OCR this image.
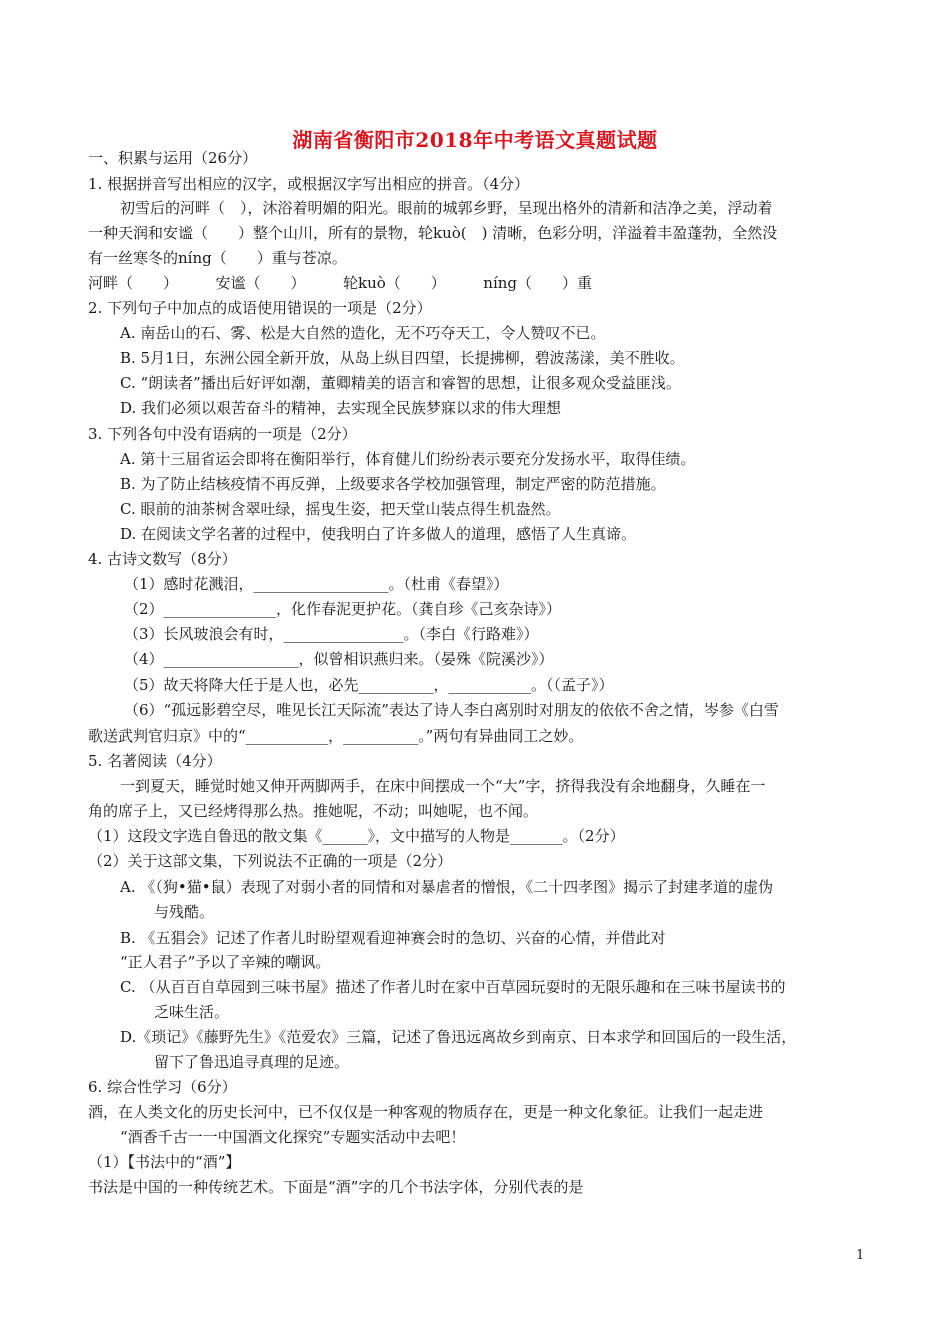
湖南省衡阳市2018年中考语文真题试题
一、积累与运用（26分）
1. 根据拼音写出相应的汉字，或根据汉字写出相应的拼音。（4分）
初雪后的河畔（　），沐浴着明媚的阳光。眼前的城郭乡野，呈现出格外的清新和洁净之美，浮动着
一种天润和安谧（　　）整个山川，所有的景物，轮kuò(　) 清晰，色彩分明，洋溢着丰盈蓬勃，全然没
有一丝寒冬的níng（　　）重与苍凉。
河畔（　　）　　　安谧（　　）　　　轮kuò（　　）　　　níng（　　）重
2. 下列句子中加点的成语使用错误的一项是（2分）
A. 南岳山的石、雾、松是大自然的造化，无不巧夺天工，令人赞叹不已。
B. 5月1日，东洲公园全新开放，从岛上纵目四望，长提拂柳，碧波荡漾，美不胜收。
C. “朗读者”播出后好评如潮，董卿精美的语言和睿智的思想，让很多观众受益匪浅。
D. 我们必须以艰苦奋斗的精神，去实现全民族梦寐以求的伟大理想
3. 下列各句中没有语病的一项是（2分）
A. 第十三届省运会即将在衡阳举行，体育健儿们纷纷表示要充分发扬水平，取得佳绩。
B. 为了防止结核疫情不再反弹，上级要求各学校加强管理，制定严密的防范措施。
C. 眼前的油茶树含翠吐绿，摇曳生姿，把天堂山装点得生机盎然。
D. 在阅读文学名著的过程中，使我明白了许多做人的道理，感悟了人生真谛。
4. 古诗文数写（8分）
（1）感时花溅泪，__________________。（杜甫《春望》）
（2）_______________，化作春泥更护花。（龚自珍《己亥杂诗》）
（3）长风玻浪会有时，________________。（李白《行路难》）
（4）__________________，似曾相识燕归来。（晏殊《院溪沙》）
（5）故天将降大任于是人也，必先__________，___________。（（孟子》）
（6）“孤远影碧空尽，唯见长江天际流”表达了诗人李白离别时对朋友的依依不舍之情，岑参《白雪
歌送武判官归京》中的“___________，__________。”两句有异曲同工之妙。
5. 名著阅读（4分）
一到夏天，睡觉时她又伸开两脚两手，在床中间摆成一个“大”字，挤得我没有余地翻身，久睡在一
角的席子上，又已经烤得那么热。推她呢，不动；叫她呢，也不闻。
（1）这段文字选自鲁迅的散文集《______》，文中描写的人物是_______。（2分）
（2）关于这部文集，下列说法不正确的一项是（2分）
A. 《（狗•猫•鼠）表现了对弱小者的同情和对暴虐者的憎恨，《二十四孝图》揭示了封建孝道的虚伪
与残酷。
B. 《五猖会》记述了作者儿时盼望观看迎神赛会时的急切、兴奋的心情，并借此对
“正人君子”予以了辛辣的嘲讽。
C. （从百百自草园到三味书屋》描述了作者儿时在家中百草园玩耍时的无限乐趣和在三味书屋读书的
乏味生活。
D.《琐记》《藤野先生》《范爱农》三篇，记述了鲁迅远离故乡到南京、日本求学和回国后的一段生活，
留下了鲁迅追寻真理的足迹。
6. 综合性学习（6分）
酒，在人类文化的历史长河中，已不仅仅是一种客观的物质存在，更是一种文化象征。让我们一起走进
“酒香千古一一中国酒文化探究”专题实活动中去吧！
（1）【书法中的“酒”】
书法是中国的一种传统艺术。下面是“酒”字的几个书法字体，分别代表的是
1
